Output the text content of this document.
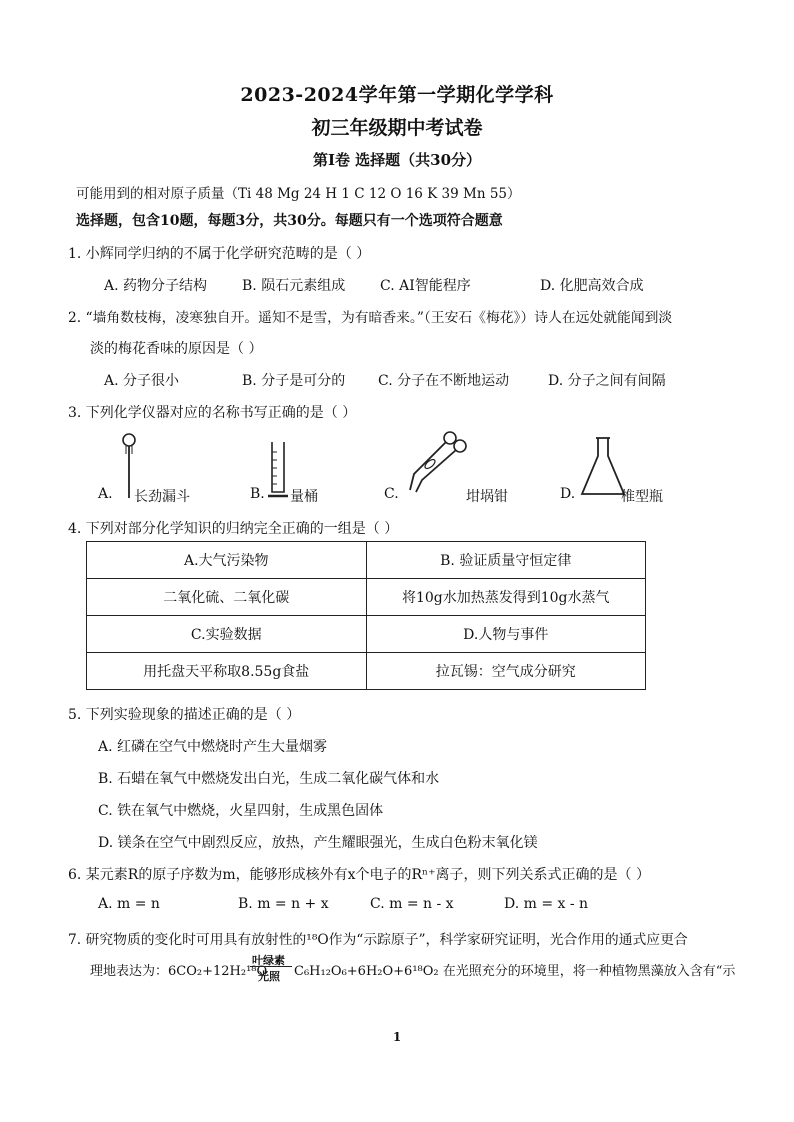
2023-2024学年第一学期化学学科
初三年级期中考试卷
第Ⅰ卷 选择题（共30分）
可能用到的相对原子质量（Ti 48 Mg 24 H 1 C 12 O 16 K 39 Mn 55）
选择题，包含10题，每题3分，共30分。每题只有一个选项符合题意
1. 小辉同学归纳的不属于化学研究范畴的是（ ）
A. 药物分子结构 B. 陨石元素组成 C. AI智能程序	D. 化肥高效合成
2. “墙角数枝梅，凌寒独自开。遥知不是雪，为有暗香来。”（王安石《梅花》）诗人在远处就能闻到淡
淡的梅花香味的原因是（ ）
A. 分子很小	B. 分子是可分的 C. 分子在不断地运动	D. 分子之间有间隔
3. 下列化学仪器对应的名称书写正确的是（ ）
A. 长劲漏斗	B. 量桶	C.	坩埚钳	D.	椎型瓶
4. 下列对部分化学知识的归纳完全正确的一组是（ ）
A.大气污染物	B. 验证质量守恒定律
二氧化硫、二氧化碳	将10g水加热蒸发得到10g水蒸气
C.实验数据	D.人物与事件
用托盘天平称取8.55g食盐	拉瓦锡：空气成分研究
5. 下列实验现象的描述正确的是（ ）
A. 红磷在空气中燃烧时产生大量烟雾
B. 石蜡在氧气中燃烧发出白光，生成二氧化碳气体和水
C. 铁在氧气中燃烧，火星四射，生成黑色固体
D. 镁条在空气中剧烈反应，放热，产生耀眼强光，生成白色粉末氧化镁
6. 某元素R的原子序数为m，能够形成核外有x个电子的Rⁿ⁺离子，则下列关系式正确的是（ ）
A. m = n	B. m = n + x	C. m = n - x	D. m = x - n
7. 研究物质的变化时可用具有放射性的¹⁸O作为“示踪原子”，科学家研究证明，光合作用的通式应更合
理地表达为：6CO₂+12H₂¹⁸O
叶绿素
光照 C₆H₁₂O₆+6H₂O+6¹⁸O₂ 在光照充分的环境里，将一种植物黑藻放入含有“示
1
